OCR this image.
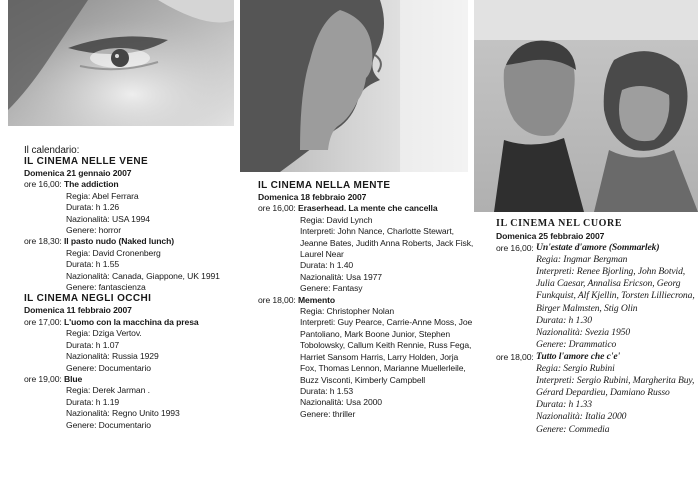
Il calendario:
IL CINEMA NELLE VENE
Domenica 21 gennaio 2007
ore 16,00:
The addiction
Regia: Abel Ferrara
Durata: h 1.26
Nazionalità: USA 1994
Genere: horror
ore 18,30:
Il pasto nudo (Naked lunch)
Regia: David Cronenberg
Durata: h 1.55
Nazionalità: Canada, Giappone, UK 1991
Genere: fantascienza
IL CINEMA NEGLI OCCHI
Domenica 11 febbraio 2007
ore 17,00:
L'uomo con la macchina da presa
Regia: Dziga Vertov.
Durata: h 1.07
Nazionalità: Russia 1929
Genere: Documentario
ore 19,00:
Blue
Regia: Derek Jarman .
Durata: h 1.19
Nazionalità: Regno Unito 1993
Genere: Documentario
IL CINEMA NELLA MENTE
Domenica 18 febbraio 2007
ore 16,00:
Eraserhead. La mente che cancella
Regia: David Lynch
Interpreti: John Nance, Charlotte Stewart, Jeanne Bates, Judith Anna Roberts, Jack Fisk, Laurel Near
Durata: h 1.40
Nazionalità: Usa 1977
Genere: Fantasy
ore 18,00:
Memento
Regia: Christopher Nolan
Interpreti: Guy Pearce, Carrie-Anne Moss, Joe Pantoliano, Mark Boone Junior, Stephen Tobolowsky, Callum Keith Rennie, Russ Fega, Harriet Sansom Harris, Larry Holden, Jorja Fox, Thomas Lennon, Marianne Muellerleile, Buzz Visconti, Kimberly Campbell
Durata: h 1.53
Nazionalità: Usa 2000
Genere: thriller
IL CINEMA NEL CUORE
Domenica 25 febbraio 2007
ore 16,00:
Un'estate d'amore (Sommarlek)
Regia: Ingmar Bergman
Interpreti: Renee Bjorling, John Botvid, Julia Caesar, Annalisa Ericson, Georg Funkquist, Alf Kjellin, Torsten Lilliecrona, Birger Malmsten, Stig Olin
Durata: h 1.30
Nazionalità: Svezia 1950
Genere: Drammatico
ore 18,00:
Tutto l'amore che c'e'
Regia: Sergio Rubini
Interpreti: Sergio Rubini, Margherita Buy, Gérard Depardieu, Damiano Russo
Durata: h 1.33
Nazionalità: Italia 2000
Genere: Commedia
